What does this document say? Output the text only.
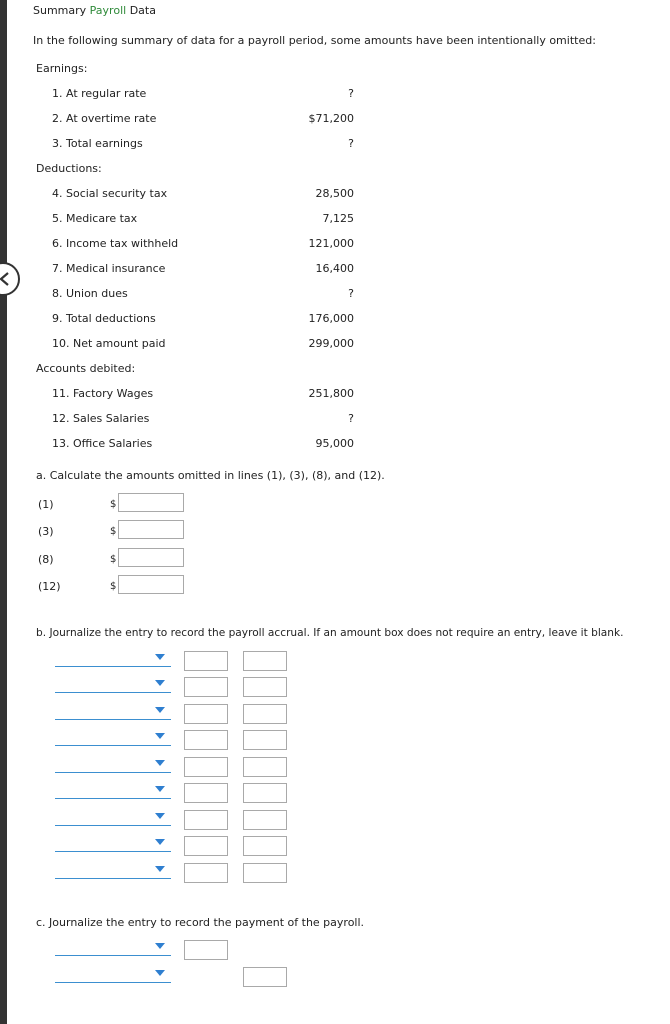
Summary Payroll Data
In the following summary of data for a payroll period, some amounts have been intentionally omitted:
Earnings:
1. At regular rate	?
2. At overtime rate	$71,200
3. Total earnings	?
Deductions:
4. Social security tax	28,500
5. Medicare tax	7,125
6. Income tax withheld	121,000
7. Medical insurance	16,400
8. Union dues	?
9. Total deductions	176,000
10. Net amount paid	299,000
Accounts debited:
11. Factory Wages	251,800
12. Sales Salaries	?
13. Office Salaries	95,000
a. Calculate the amounts omitted in lines (1), (3), (8), and (12).
(1)	$
(3)	$
(8)	$
(12)	$
b. Journalize the entry to record the payroll accrual. If an amount box does not require an entry, leave it blank.
c. Journalize the entry to record the payment of the payroll.
